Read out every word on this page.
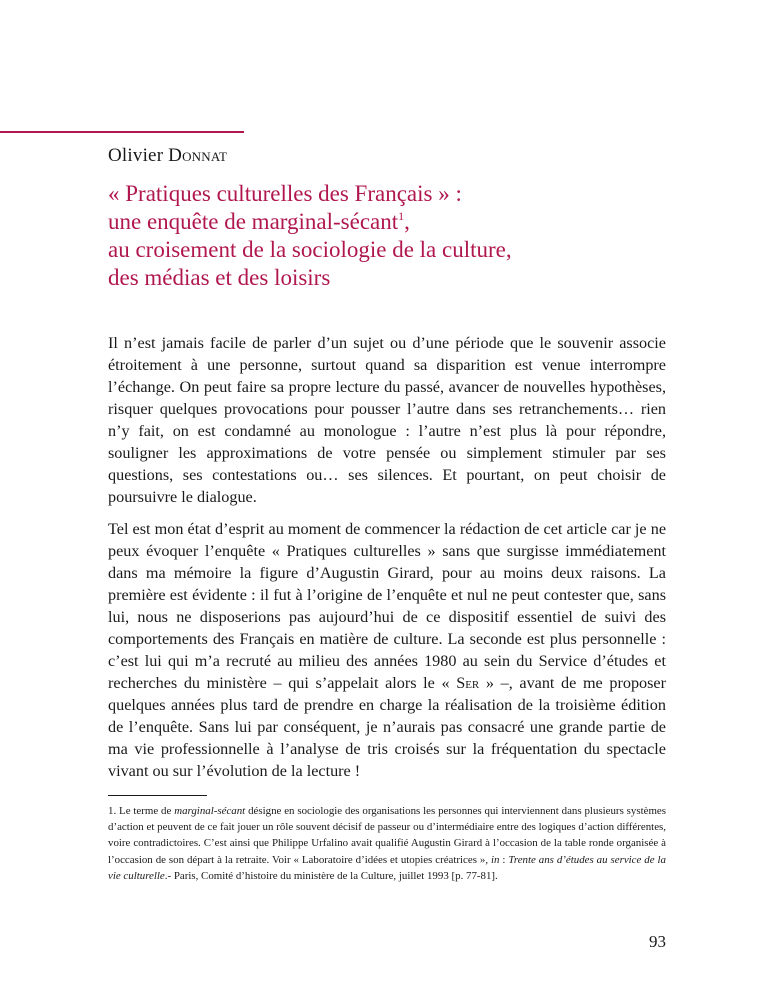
Olivier Donnat
« Pratiques culturelles des Français » :
une enquête de marginal-sécant$^1$,
au croisement de la sociologie de la culture,
des médias et des loisirs

Il n’est jamais facile de parler d’un sujet ou d’une période que le souvenir associe étroitement à une personne, surtout quand sa disparition est venue interrompre l’échange. On peut faire sa propre lecture du passé, avancer de nouvelles hypothèses, risquer quelques provocations pour pousser l’autre dans ses retranchements… rien n’y fait, on est condamné au monologue : l’autre n’est plus là pour répondre, souligner les approximations de votre pensée ou simplement stimuler par ses questions, ses contestations ou… ses silences. Et pourtant, on peut choisir de poursuivre le dialogue.

Tel est mon état d’esprit au moment de commencer la rédaction de cet article car je ne peux évoquer l’enquête « Pratiques culturelles » sans que surgisse immédiatement dans ma mémoire la figure d’Augustin Girard, pour au moins deux raisons. La première est évidente : il fut à l’origine de l’enquête et nul ne peut contester que, sans lui, nous ne disposerions pas aujourd’hui de ce dispositif essentiel de suivi des comportements des Français en matière de culture. La seconde est plus personnelle : c’est lui qui m’a recruté au milieu des années 1980 au sein du Service d’études et recherches du ministère – qui s’appelait alors le « Ser » –, avant de me proposer quelques années plus tard de prendre en charge la réalisation de la troisième édition de l’enquête. Sans lui par conséquent, je n’aurais pas consacré une grande partie de ma vie professionnelle à l’analyse de tris croisés sur la fréquentation du spectacle vivant ou sur l’évolution de la lecture !

1. Le terme de marginal-sécant désigne en sociologie des organisations les personnes qui interviennent dans plusieurs systèmes d’action et peuvent de ce fait jouer un rôle souvent décisif de passeur ou d’intermédiaire entre des logiques d’action différentes, voire contradictoires. C’est ainsi que Philippe Urfalino avait qualifié Augustin Girard à l’occasion de la table ronde organisée à l’occasion de son départ à la retraite. Voir « Laboratoire d’idées et utopies créatrices », in : Trente ans d’études au service de la vie culturelle.- Paris, Comité d’histoire du ministère de la Culture, juillet 1993 [p. 77-81].

93
